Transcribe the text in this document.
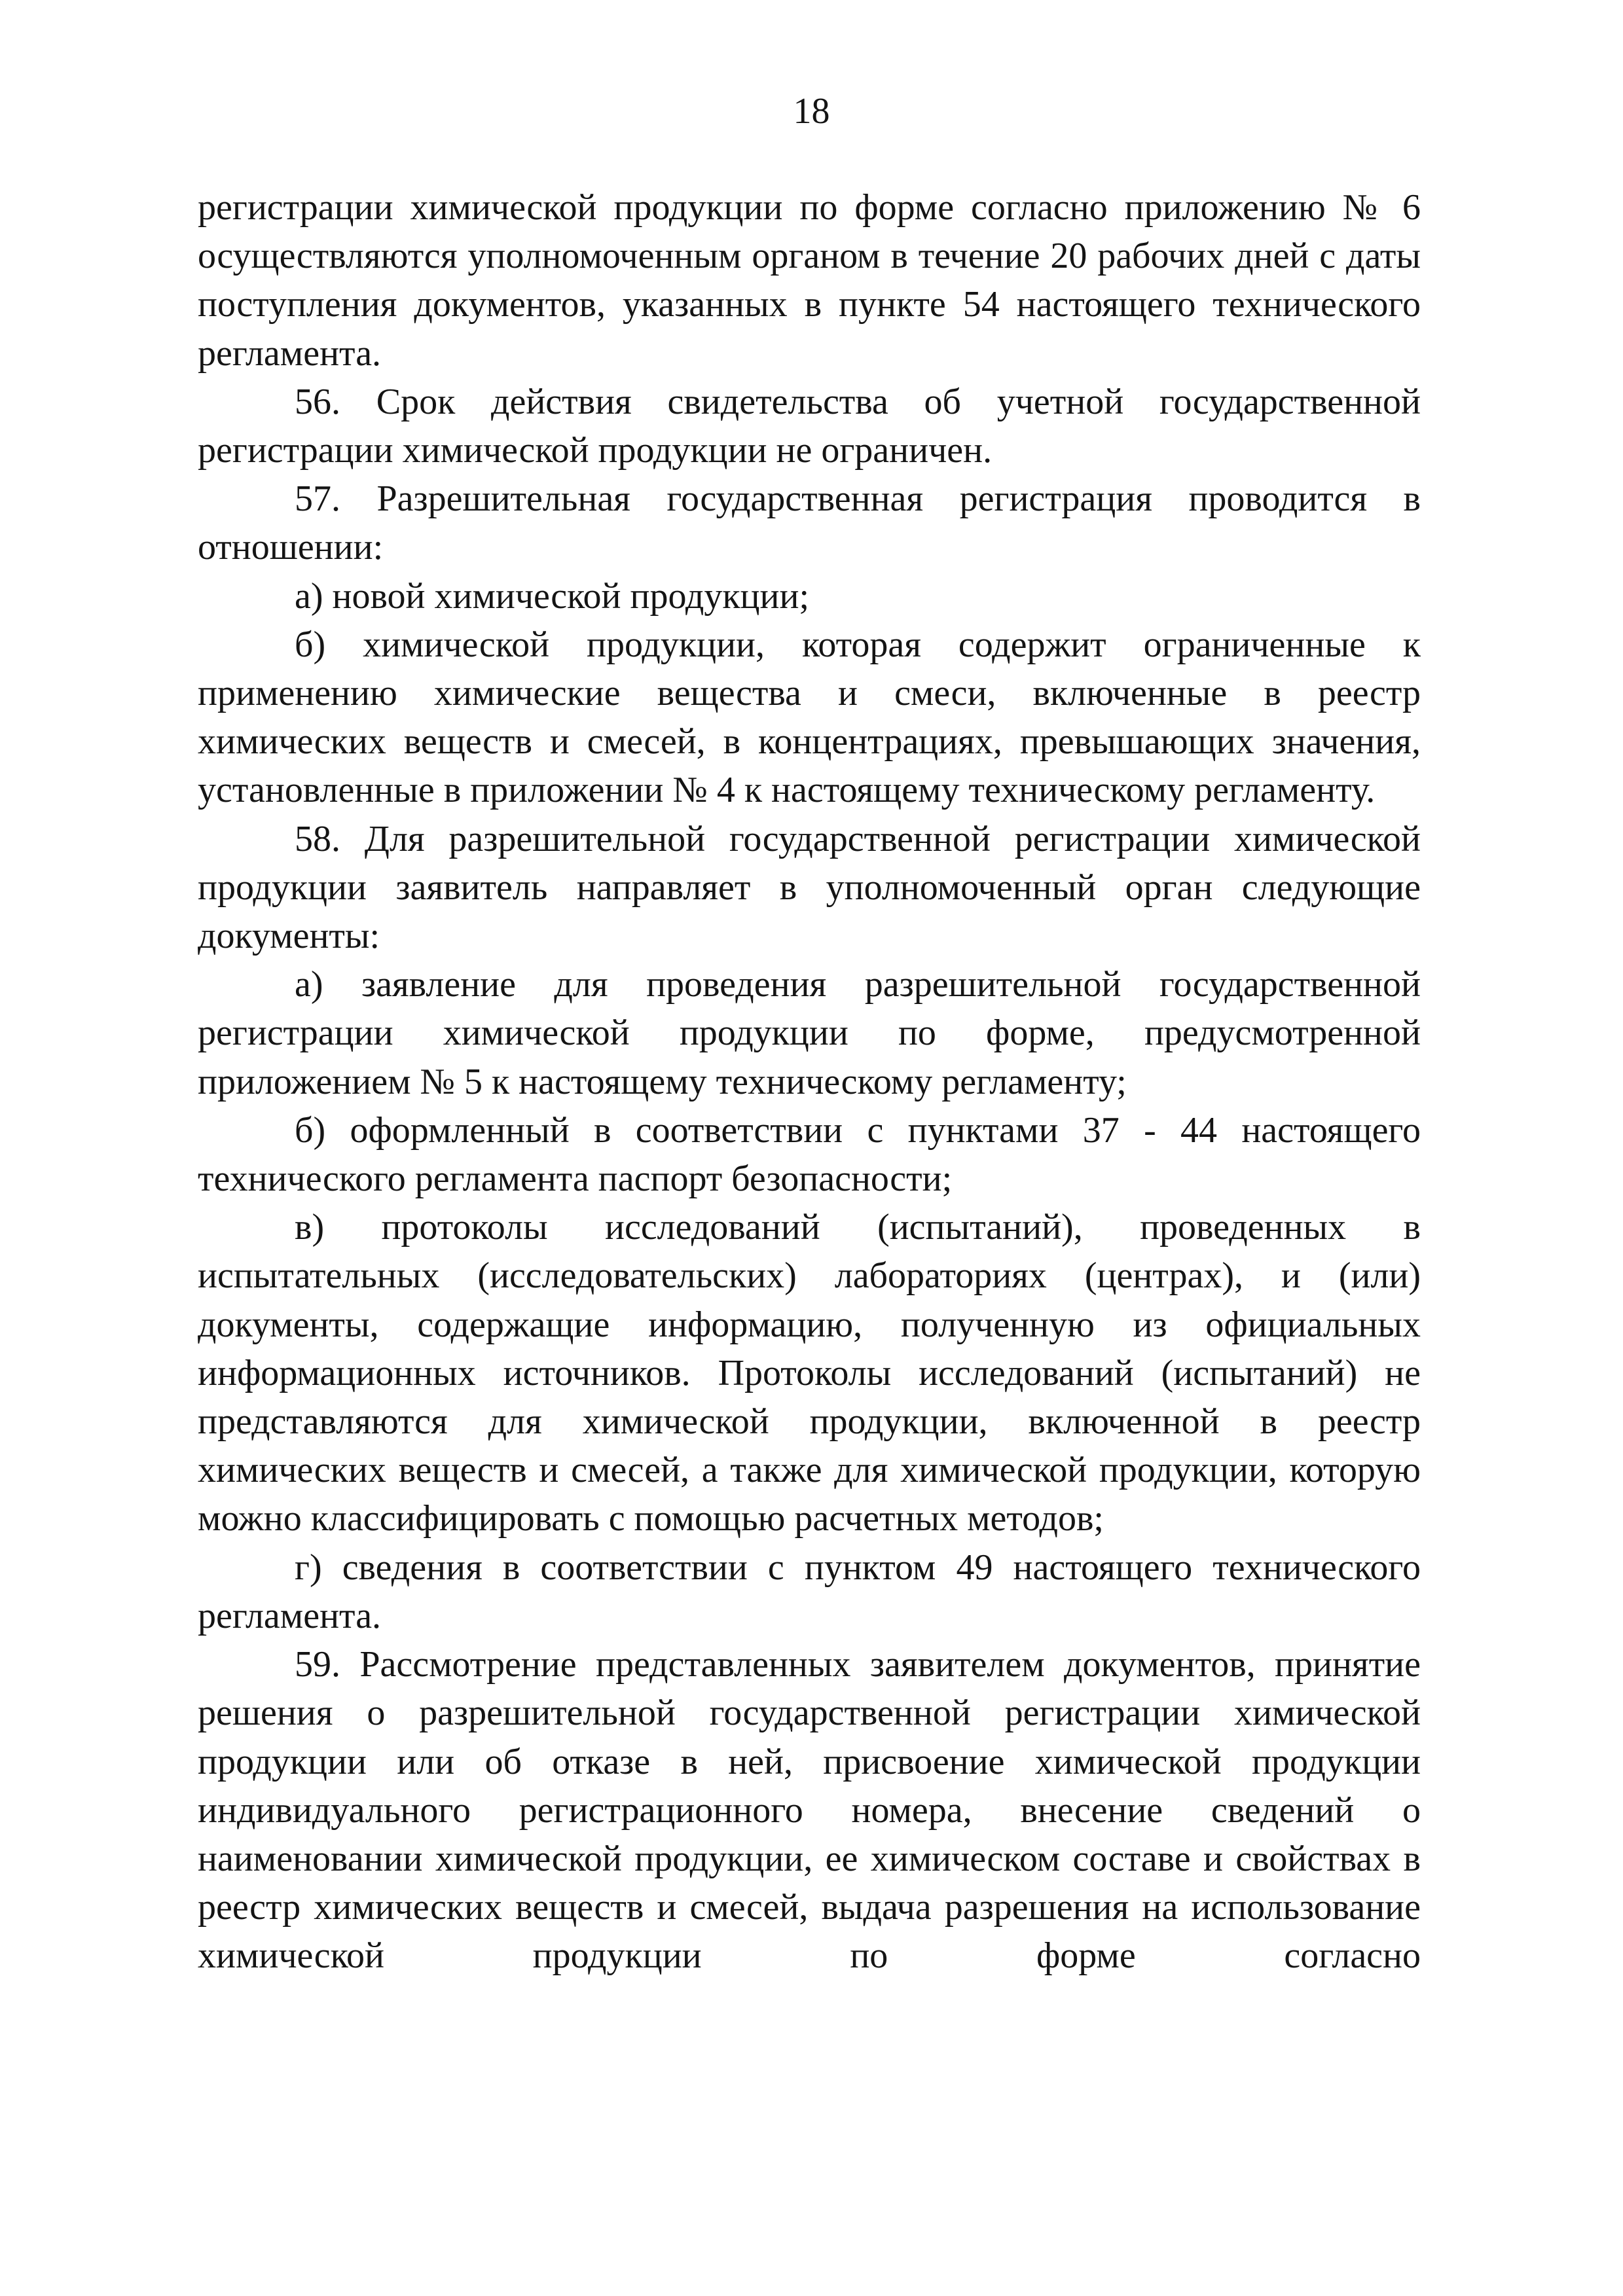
18

регистрации химической продукции по форме согласно приложению № 6 осуществляются уполномоченным органом в течение 20 рабочих дней с даты поступления документов, указанных в пункте 54 настоящего технического регламента.

56. Срок действия свидетельства об учетной государственной регистрации химической продукции не ограничен.

57. Разрешительная государственная регистрация проводится в отношении:

а) новой химической продукции;

б) химической продукции, которая содержит ограниченные к применению химические вещества и смеси, включенные в реестр химических веществ и смесей, в концентрациях, превышающих значения, установленные в приложении № 4 к настоящему техническому регламенту.

58. Для разрешительной государственной регистрации химической продукции заявитель направляет в уполномоченный орган следующие документы:

а) заявление для проведения разрешительной государственной регистрации химической продукции по форме, предусмотренной приложением № 5 к настоящему техническому регламенту;

б) оформленный в соответствии с пунктами 37 - 44 настоящего технического регламента паспорт безопасности;

в) протоколы исследований (испытаний), проведенных в испытательных (исследовательских) лабораториях (центрах), и (или) документы, содержащие информацию, полученную из официальных информационных источников. Протоколы исследований (испытаний) не представляются для химической продукции, включенной в реестр химических веществ и смесей, а также для химической продукции, которую можно классифицировать с помощью расчетных методов;

г) сведения в соответствии с пунктом 49 настоящего технического регламента.

59. Рассмотрение представленных заявителем документов, принятие решения о разрешительной государственной регистрации химической продукции или об отказе в ней, присвоение химической продукции индивидуального регистрационного номера, внесение сведений о наименовании химической продукции, ее химическом составе и свойствах в реестр химических веществ и смесей, выдача разрешения на использование химической продукции по форме согласно
